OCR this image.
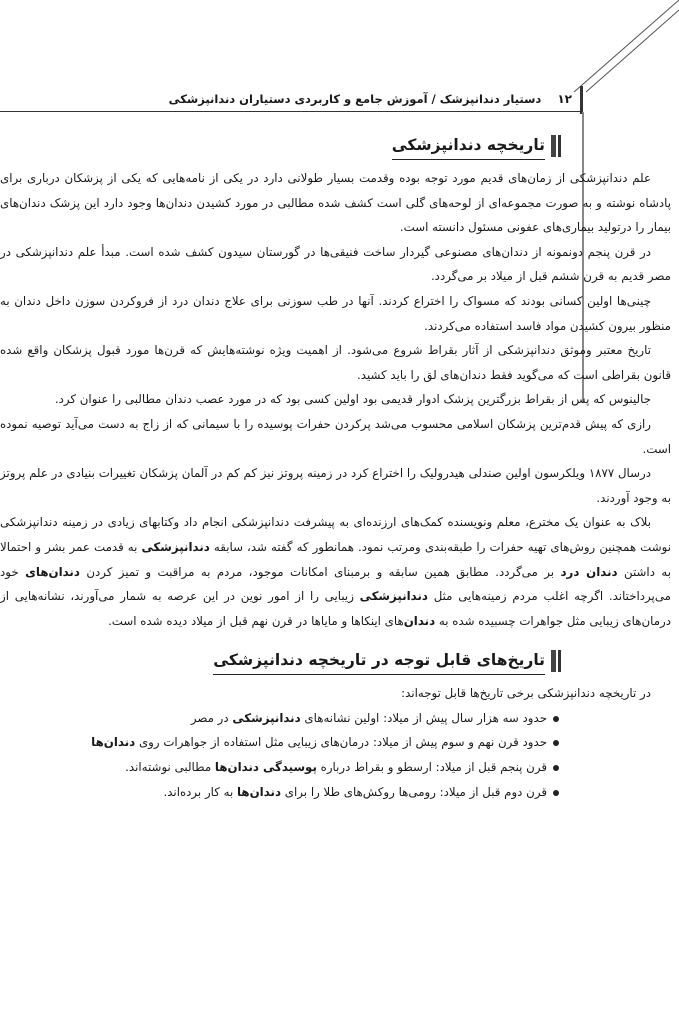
۱۲
دستیار دندانپزشک / آموزش جامع و کاربردی دستیاران دندانپزشکی
تاریخچه دندانپزشکی

علم دندانپزشکی از زمان‌های قدیم مورد توجه بوده وقدمت بسیار طولانی دارد در یکی از نامه‌هایی که یکی از پزشکان درباری برای پادشاه نوشته و به صورت مجموعه‌ای از لوحه‌های گلی است کشف شده مطالبی در مورد کشیدن دندان‌ها وجود دارد این پزشک دندان‌های بیمار را درتولید بیماری‌های عفونی مسئول دانسته است.

در قرن پنجم دونمونه از دندان‌های مصنوعی گیردار ساخت فنیقی‌ها در گورستان سیدون کشف شده است. مبدأ علم دندانپزشکی در مصر قدیم به قرن ششم قبل از میلاد بر می‌گردد.

چینی‌ها اولین کسانی بودند که مسواک را اختراع کردند. آنها در طب سوزنی برای علاج دندان درد از فروکردن سوزن داخل دندان به منظور بیرون کشیدن مواد فاسد استفاده می‌کردند.

تاریخ معتبر وموثق دندانپزشکی از آثار بقراط شروع می‌شود. از اهمیت ویژه نوشته‌هایش که قرن‌ها مورد قبول پزشکان واقع شده قانون بقراطی است که می‌گوید فقط دندان‌های لق را باید کشید.

جالینوس که پس از بقراط بزرگترین پزشک ادوار قدیمی بود اولین کسی بود که در مورد عصب دندان مطالبی را عنوان کرد.

رازی که پیش قدم‌ترین پزشکان اسلامی محسوب می‌شد پرکردن حفرات پوسیده را با سیمانی که از زاج به دست می‌آید توصیه نموده است.

درسال ۱۸۷۷ ویلکرسون اولین صندلی هیدرولیک را اختراع کرد در زمینه پروتز نیز کم کم در آلمان پزشکان تغییرات بنیادی در علم پروتز به وجود آوردند.

بلاک به عنوان یک مخترع، معلم ونویسنده کمک‌های ارزنده‌ای به پیشرفت دندانپزشکی انجام داد وکتابهای زیادی در زمینه دندانپزشکی نوشت همچنین روش‌های تهیه حفرات را طبقه‌بندی ومرتب نمود. همانطور که گفته شد، سابقه دندانپزشکی به قدمت عمر بشر و احتمالا به داشتن دندان درد بر می‌گردد. مطابق همین سابقه و برمبنای امکانات موجود، مردم به مراقبت و تمیز کردن دندان‌های خود می‌پرداختاند. اگرچه اغلب مردم زمینه‌هایی مثل دندانپزشکی زیبایی را از امور نوین در این عرصه به شمار می‌آورند، نشانه‌هایی از درمان‌های زیبایی مثل جواهرات چسبیده شده به دندان‌های اینکاها و مایاها در قرن نهم قبل از میلاد دیده شده است.

تاریخ‌های قابل توجه در تاریخچه دندانپزشکی

در تاریخچه دندانپزشکی برخی تاریخ‌ها قابل توجه‌اند:

حدود سه هزار سال پیش از میلاد: اولین نشانه‌های دندانپزشکی در مصر
حدود قرن نهم و سوم پیش از میلاد: درمان‌های زیبایی مثل استفاده از جواهرات روی دندان‌ها
قرن پنجم قبل از میلاد: ارسطو و بقراط درباره پوسیدگی دندان‌ها مطالبی نوشته‌اند.
قرن دوم قبل از میلاد: رومی‌ها روکش‌های طلا را برای دندان‌ها به کار برده‌اند.
